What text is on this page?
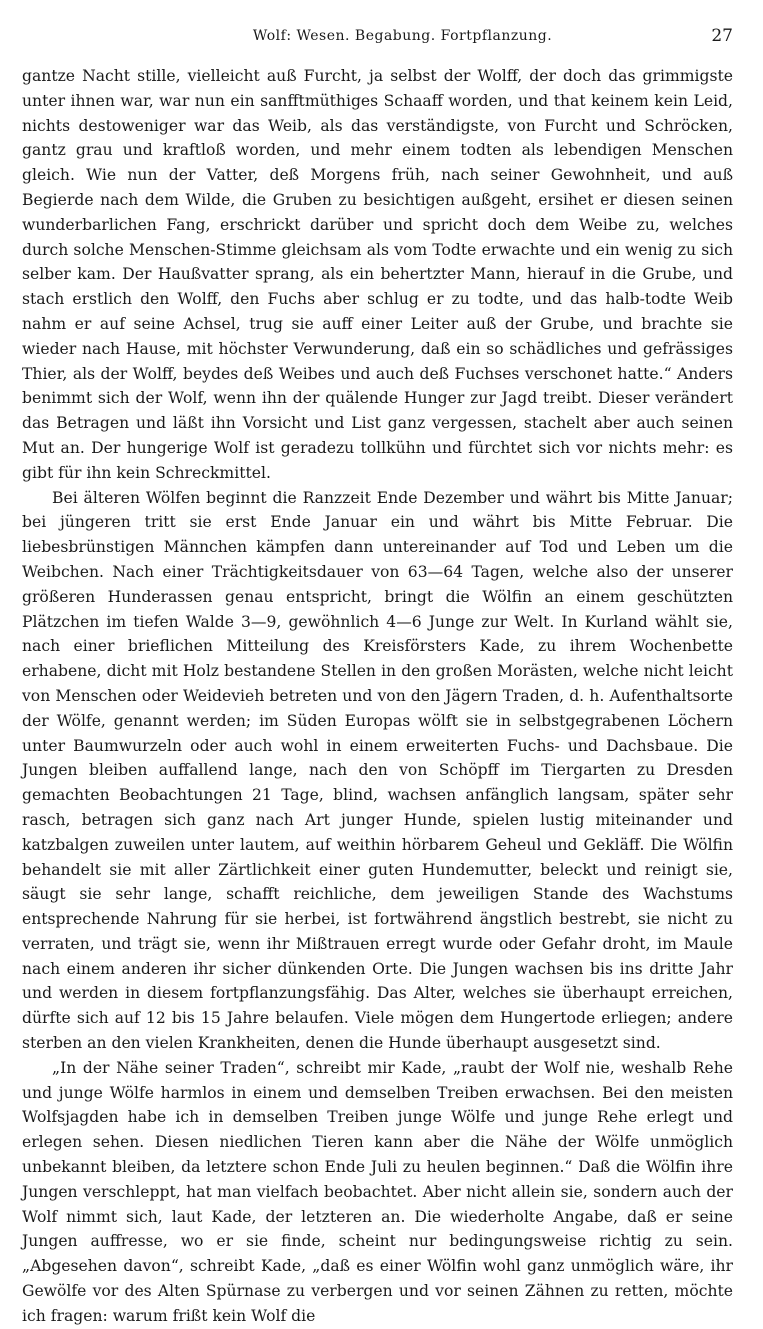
Wolf: Wesen. Begabung. Fortpflanzung.	27

gantze Nacht stille, vielleicht auß Furcht, ja selbst der Wolff, der doch das grimmigste unter ihnen war, war nun ein sanfftmüthiges Schaaff worden, und that keinem kein Leid, nichts destoweniger war das Weib, als das verständigste, von Furcht und Schröcken, gantz grau und kraftloß worden, und mehr einem todten als lebendigen Menschen gleich. Wie nun der Vatter, deß Morgens früh, nach seiner Gewohnheit, und auß Begierde nach dem Wilde, die Gruben zu besichtigen außgeht, ersihet er diesen seinen wunderbarlichen Fang, erschrickt darüber und spricht doch dem Weibe zu, welches durch solche Menschen-Stimme gleichsam als vom Todte erwachte und ein wenig zu sich selber kam. Der Haußvatter sprang, als ein behertzter Mann, hierauf in die Grube, und stach erstlich den Wolff, den Fuchs aber schlug er zu todte, und das halb-todte Weib nahm er auf seine Achsel, trug sie auff einer Leiter auß der Grube, und brachte sie wieder nach Hause, mit höchster Verwunderung, daß ein so schädliches und gefrässiges Thier, als der Wolff, beydes deß Weibes und auch deß Fuchses verschonet hatte.“ Anders benimmt sich der Wolf, wenn ihn der quälende Hunger zur Jagd treibt. Dieser verändert das Betragen und läßt ihn Vorsicht und List ganz vergessen, stachelt aber auch seinen Mut an. Der hungerige Wolf ist geradezu tollkühn und fürchtet sich vor nichts mehr: es gibt für ihn kein Schreckmittel.

Bei älteren Wölfen beginnt die Ranzzeit Ende Dezember und währt bis Mitte Januar; bei jüngeren tritt sie erst Ende Januar ein und währt bis Mitte Februar. Die liebesbrünstigen Männchen kämpfen dann untereinander auf Tod und Leben um die Weibchen. Nach einer Trächtigkeitsdauer von 63—64 Tagen, welche also der unserer größeren Hunderassen genau entspricht, bringt die Wölfin an einem geschützten Plätzchen im tiefen Walde 3—9, gewöhnlich 4—6 Junge zur Welt. In Kurland wählt sie, nach einer brieflichen Mitteilung des Kreisförsters Kade, zu ihrem Wochenbette erhabene, dicht mit Holz bestandene Stellen in den großen Morästen, welche nicht leicht von Menschen oder Weidevieh betreten und von den Jägern Traden, d. h. Aufenthaltsorte der Wölfe, genannt werden; im Süden Europas wölft sie in selbstgegrabenen Löchern unter Baumwurzeln oder auch wohl in einem erweiterten Fuchs- und Dachsbaue. Die Jungen bleiben auffallend lange, nach den von Schöpff im Tiergarten zu Dresden gemachten Beobachtungen 21 Tage, blind, wachsen anfänglich langsam, später sehr rasch, betragen sich ganz nach Art junger Hunde, spielen lustig miteinander und katzbalgen zuweilen unter lautem, auf weithin hörbarem Geheul und Gekläff. Die Wölfin behandelt sie mit aller Zärtlichkeit einer guten Hundemutter, beleckt und reinigt sie, säugt sie sehr lange, schafft reichliche, dem jeweiligen Stande des Wachstums entsprechende Nahrung für sie herbei, ist fortwährend ängstlich bestrebt, sie nicht zu verraten, und trägt sie, wenn ihr Mißtrauen erregt wurde oder Gefahr droht, im Maule nach einem anderen ihr sicher dünkenden Orte. Die Jungen wachsen bis ins dritte Jahr und werden in diesem fortpflanzungsfähig. Das Alter, welches sie überhaupt erreichen, dürfte sich auf 12 bis 15 Jahre belaufen. Viele mögen dem Hungertode erliegen; andere sterben an den vielen Krankheiten, denen die Hunde überhaupt ausgesetzt sind.

„In der Nähe seiner Traden“, schreibt mir Kade, „raubt der Wolf nie, weshalb Rehe und junge Wölfe harmlos in einem und demselben Treiben erwachsen. Bei den meisten Wolfsjagden habe ich in demselben Treiben junge Wölfe und junge Rehe erlegt und erlegen sehen. Diesen niedlichen Tieren kann aber die Nähe der Wölfe unmöglich unbekannt bleiben, da letztere schon Ende Juli zu heulen beginnen.“ Daß die Wölfin ihre Jungen verschleppt, hat man vielfach beobachtet. Aber nicht allein sie, sondern auch der Wolf nimmt sich, laut Kade, der letzteren an. Die wiederholte Angabe, daß er seine Jungen auffresse, wo er sie finde, scheint nur bedingungsweise richtig zu sein. „Abgesehen davon“, schreibt Kade, „daß es einer Wölfin wohl ganz unmöglich wäre, ihr Gewölfe vor des Alten Spürnase zu verbergen und vor seinen Zähnen zu retten, möchte ich fragen: warum frißt kein Wolf die
